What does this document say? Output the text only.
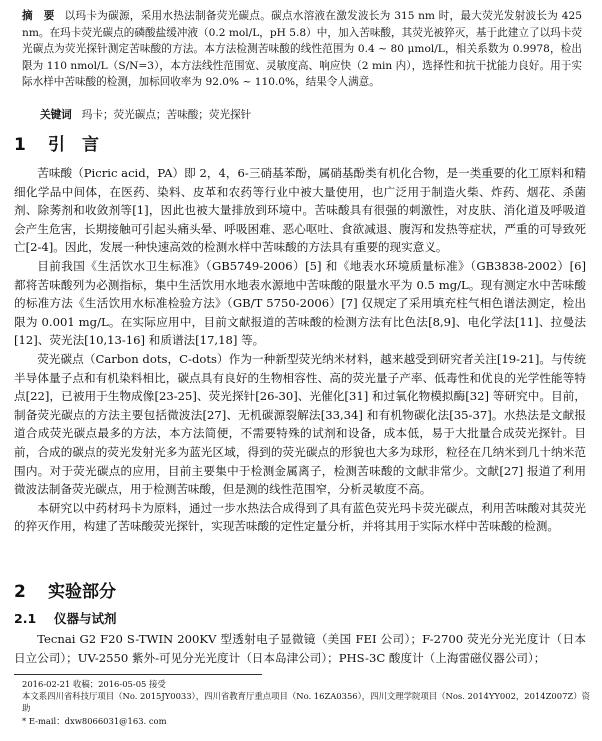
摘　要 以玛卡为碳源，采用水热法制备荧光碳点。碳点水溶液在激发波长为 315 nm 时，最大荧光发射波长为 425 nm。在玛卡荧光碳点的磷酸盐缓冲液（0.2 mol/L，pH 5.8）中，加入苦味酸，其荧光被猝灭，基于此建立了以玛卡荧光碳点为荧光探针测定苦味酸的方法。本方法检测苦味酸的线性范围为 0.4 ~ 80 μmol/L，相关系数为 0.9978，检出限为 110 nmol/L（S/N=3），本方法线性范围宽、灵敏度高、响应快（2 min 内），选择性和抗干扰能力良好。用于实际水样中苦味酸的检测，加标回收率为 92.0% ~ 110.0%，结果令人满意。
关键词 玛卡；荧光碳点；苦味酸；荧光探针
1 引　言

苦味酸（Picric acid，PA）即 2，4，6-三硝基苯酚，属硝基酚类有机化合物，是一类重要的化工原料和精细化学品中间体，在医药、染料、皮革和农药等行业中被大量使用，也广泛用于制造火柴、炸药、烟花、杀菌剂、除莠剂和收敛剂等[1]，因此也被大量排放到环境中。苦味酸具有很强的刺激性，对皮肤、消化道及呼吸道会产生危害，长期接触可引起头痛头晕、呼吸困难、恶心呕吐、食欲减退、腹泻和发热等症状，严重的可导致死亡[2-4]。因此，发展一种快速高效的检测水样中苦味酸的方法具有重要的现实意义。

目前我国《生活饮水卫生标准》（GB5749-2006）[5] 和《地表水环境质量标准》（GB3838-2002）[6] 都将苦味酸列为必测指标，集中生活饮用水地表水源地中苦味酸的限量水平为 0.5 mg/L。现有测定水中苦味酸的标准方法《生活饮用水标准检验方法》（GB/T 5750-2006）[7] 仅规定了采用填充柱气相色谱法测定，检出限为 0.001 mg/L。在实际应用中，目前文献报道的苦味酸的检测方法有比色法[8,9]、电化学法[11]、拉曼法[12]、荧光法[10,13-16] 和质谱法[17,18] 等。

荧光碳点（Carbon dots，C-dots）作为一种新型荧光纳米材料，越来越受到研究者关注[19-21]。与传统半导体量子点和有机染料相比，碳点具有良好的生物相容性、高的荧光量子产率、低毒性和优良的光学性能等特点[22]，已被用于生物成像[23-25]、荧光探针[26-30]、光催化[31] 和过氧化物模拟酶[32] 等研究中。目前，制备荧光碳点的方法主要包括微波法[27]、无机碳源裂解法[33,34] 和有机物碳化法[35-37]。水热法是文献报道合成荧光碳点最多的方法，本方法简便，不需要特殊的试剂和设备，成本低，易于大批量合成荧光探针。目前，合成的碳点的荧光发射光多为蓝光区域，得到的荧光碳点的形貌也大多为球形，粒径在几纳米到几十纳米范围内。对于荧光碳点的应用，目前主要集中于检测金属离子，检测苦味酸的文献非常少。文献[27] 报道了利用微波法制备荧光碳点，用于检测苦味酸，但是测的线性范围窄，分析灵敏度不高。

本研究以中药材玛卡为原料，通过一步水热法合成得到了具有蓝色荧光玛卡荧光碳点，利用苦味酸对其荧光的猝灭作用，构建了苦味酸荧光探针，实现苦味酸的定性定量分析，并将其用于实际水样中苦味酸的检测。

2 实验部分
2.1 仪器与试剂

Tecnai G2 F20 S-TWIN 200KV 型透射电子显微镜（美国 FEI 公司）；F-2700 荧光分光光度计（日本日立公司）；UV-2550 紫外-可见分光光度计（日本岛津公司）；PHS-3C 酸度计（上海雷磁仪器公司）；

2016-02-21 收稿；2016-05-05 接受

本文系四川省科技厅项目（No. 2015JY0033），四川省教育厅重点项目（No. 16ZA0356），四川文理学院项目（Nos. 2014YY002，2014Z007Z）资助

* E-mail：dxw8066031@163. com
